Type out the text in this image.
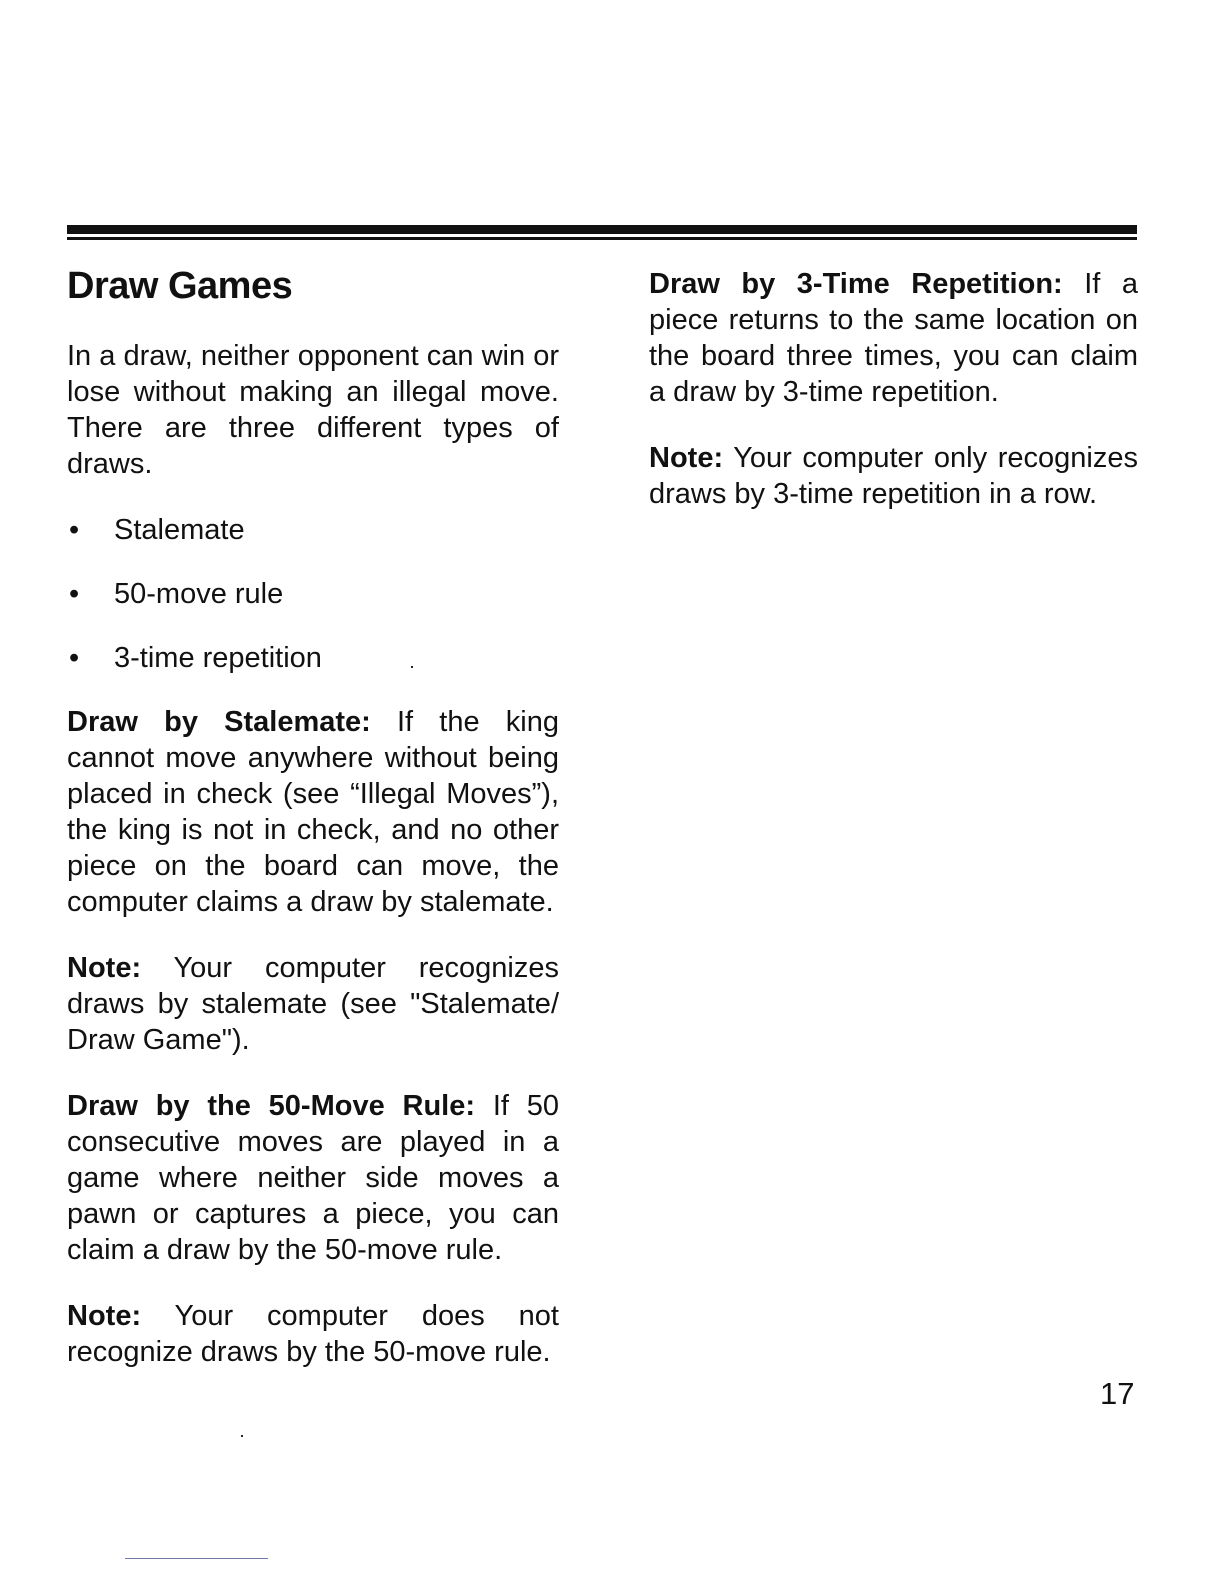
Draw Games

In a draw, neither opponent can win or lose without making an illegal move. There are three different types of draws.

• Stalemate
• 50-move rule
• 3-time repetition

Draw by Stalemate: If the king cannot move anywhere without being placed in check (see “Illegal Moves”), the king is not in check, and no other piece on the board can move, the computer claims a draw by stalemate.

Note: Your computer recognizes draws by stalemate (see "Stalemate/ Draw Game").

Draw by the 50-Move Rule: If 50 consecutive moves are played in a game where neither side moves a pawn or captures a piece, you can claim a draw by the 50-move rule.

Note: Your computer does not recognize draws by the 50-move rule.

Draw by 3-Time Repetition: If a piece returns to the same location on the board three times, you can claim a draw by 3-time repetition.

Note: Your computer only recognizes draws by 3-time repetition in a row.

17
